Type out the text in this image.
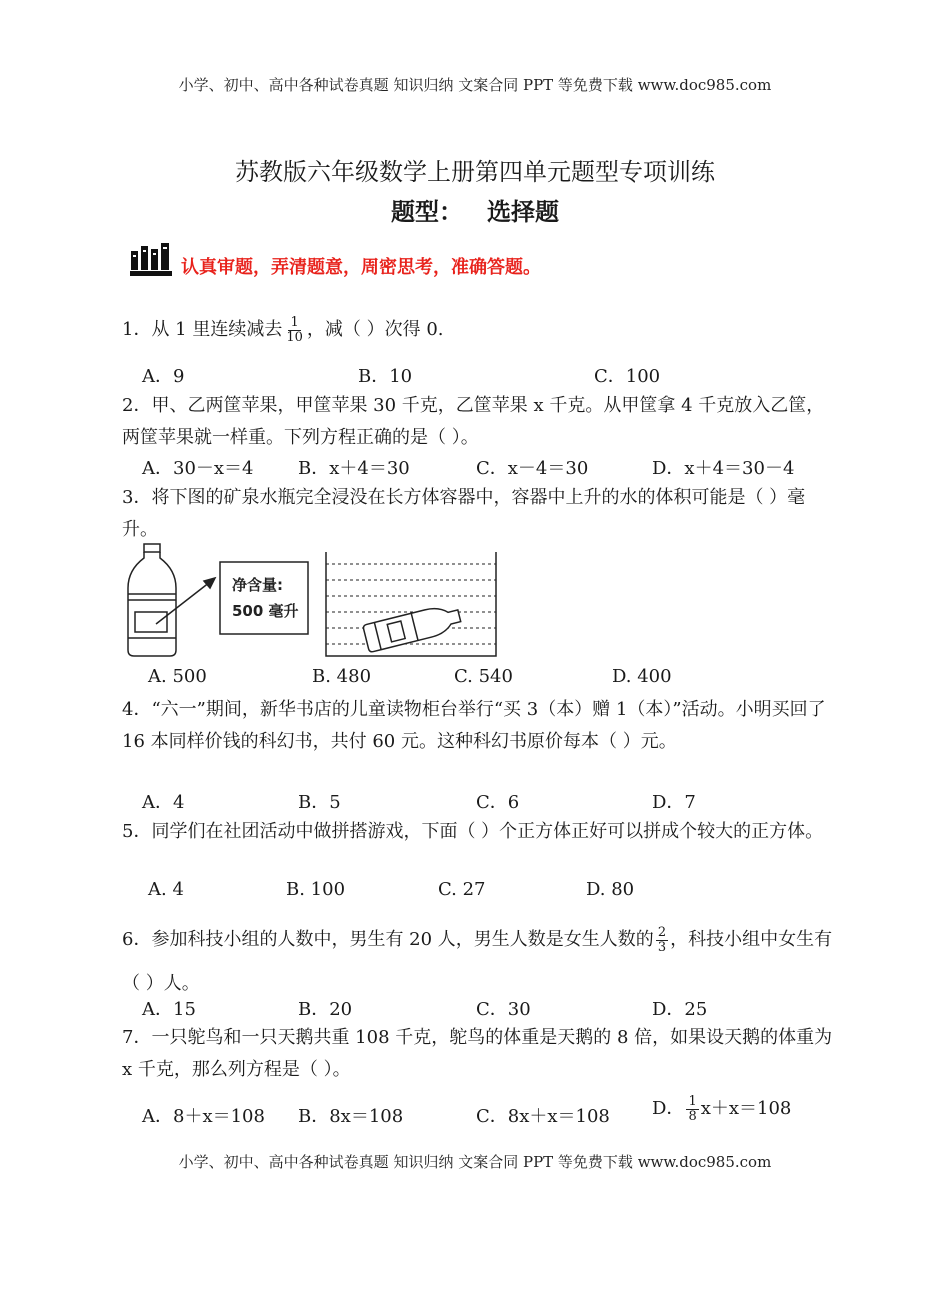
小学、初中、高中各种试卷真题 知识归纳 文案合同 PPT 等免费下载 www.doc985.com
苏教版六年级数学上册第四单元题型专项训练
题型： 选择题
认真审题，弄清题意，周密思考，准确答题。
1．从 1 里连续减去 $\frac{1}{10}$ ，减（ ）次得 0.
A．9	B．10	C．100
2．甲、乙两筐苹果，甲筐苹果 30 千克，乙筐苹果 x 千克。从甲筐拿 4 千克放入乙筐，两筐苹果就一样重。下列方程正确的是（ ）。
A．30－x＝4 B．x＋4＝30	C．x－4＝30	D．x＋4＝30－4
3．将下图的矿泉水瓶完全浸没在长方体容器中，容器中上升的水的体积可能是（ ）毫升。
净含量:
500 毫升
A. 500	B. 480	C. 540	D. 400
4．“六一”期间，新华书店的儿童读物柜台举行“买 3（本）赠 1（本）”活动。小明买回了 16 本同样价钱的科幻书，共付 60 元。这种科幻书原价每本（ ）元。
A．4	B．5	C．6	D．7
5．同学们在社团活动中做拼搭游戏，下面（ ）个正方体正好可以拼成个较大的正方体。
A. 4	B. 100	C. 27	D. 80
6．参加科技小组的人数中，男生有 20 人，男生人数是女生人数的 $\frac{2}{3}$ ，科技小组中女生有（ ）人。
A．15	B．20	C．30	D．25
7．一只鸵鸟和一只天鹅共重 108 千克，鸵鸟的体重是天鹅的 8 倍，如果设天鹅的体重为 x 千克，那么列方程是（ ）。
A．8＋x＝108 B．8x＝108	C．8x＋x＝108 D． $\frac{1}{8} x+x=108$
小学、初中、高中各种试卷真题 知识归纳 文案合同 PPT 等免费下载 www.doc985.com
